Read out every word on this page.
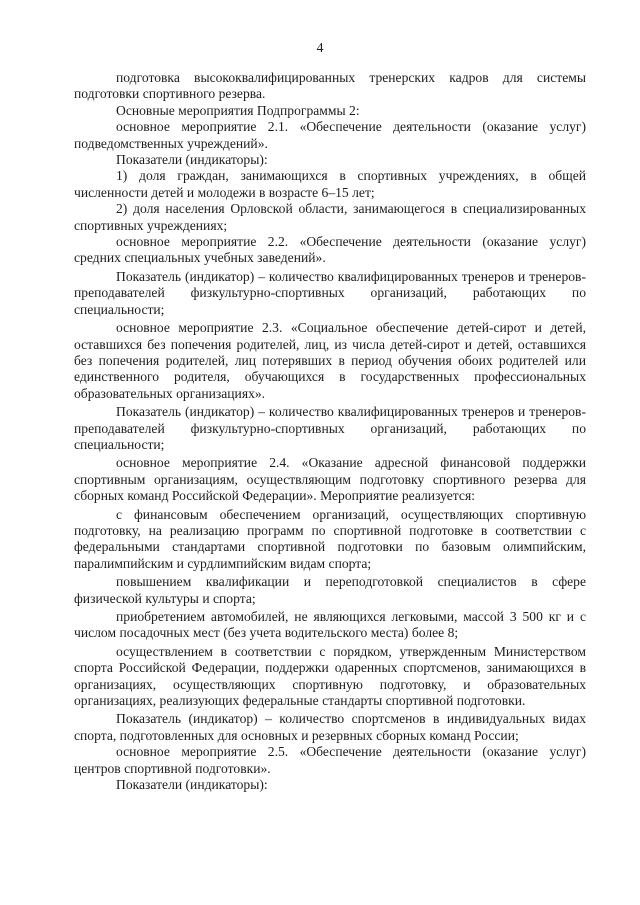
4

подготовка высококвалифицированных тренерских кадров для системы подготовки спортивного резерва.

Основные мероприятия Подпрограммы 2:

основное мероприятие 2.1. «Обеспечение деятельности (оказание услуг) подведомственных учреждений».

Показатели (индикаторы):

1) доля граждан, занимающихся в спортивных учреждениях, в общей численности детей и молодежи в возрасте 6–15 лет;

2) доля населения Орловской области, занимающегося в специализированных спортивных учреждениях;

основное мероприятие 2.2. «Обеспечение деятельности (оказание услуг) средних специальных учебных заведений».

Показатель (индикатор) – количество квалифицированных тренеров и тренеров-преподавателей физкультурно-спортивных организаций, работающих по специальности;

основное мероприятие 2.3. «Социальное обеспечение детей-сирот и детей, оставшихся без попечения родителей, лиц, из числа детей-сирот и детей, оставшихся без попечения родителей, лиц потерявших в период обучения обоих родителей или единственного родителя, обучающихся в государственных профессиональных образовательных организациях».

Показатель (индикатор) – количество квалифицированных тренеров и тренеров-преподавателей физкультурно-спортивных организаций, работающих по специальности;

основное мероприятие 2.4. «Оказание адресной финансовой поддержки спортивным организациям, осуществляющим подготовку спортивного резерва для сборных команд Российской Федерации». Мероприятие реализуется:

с финансовым обеспечением организаций, осуществляющих спортивную подготовку, на реализацию программ по спортивной подготовке в соответствии с федеральными стандартами спортивной подготовки по базовым олимпийским, паралимпийским и сурдлимпийским видам спорта;

повышением квалификации и переподготовкой специалистов в сфере физической культуры и спорта;

приобретением автомобилей, не являющихся легковыми, массой 3 500 кг и с числом посадочных мест (без учета водительского места) более 8;

осуществлением в соответствии с порядком, утвержденным Министерством спорта Российской Федерации, поддержки одаренных спортсменов, занимающихся в организациях, осуществляющих спортивную подготовку, и образовательных организациях, реализующих федеральные стандарты спортивной подготовки.

Показатель (индикатор) – количество спортсменов в индивидуальных видах спорта, подготовленных для основных и резервных сборных команд России;

основное мероприятие 2.5. «Обеспечение деятельности (оказание услуг) центров спортивной подготовки».

Показатели (индикаторы):
